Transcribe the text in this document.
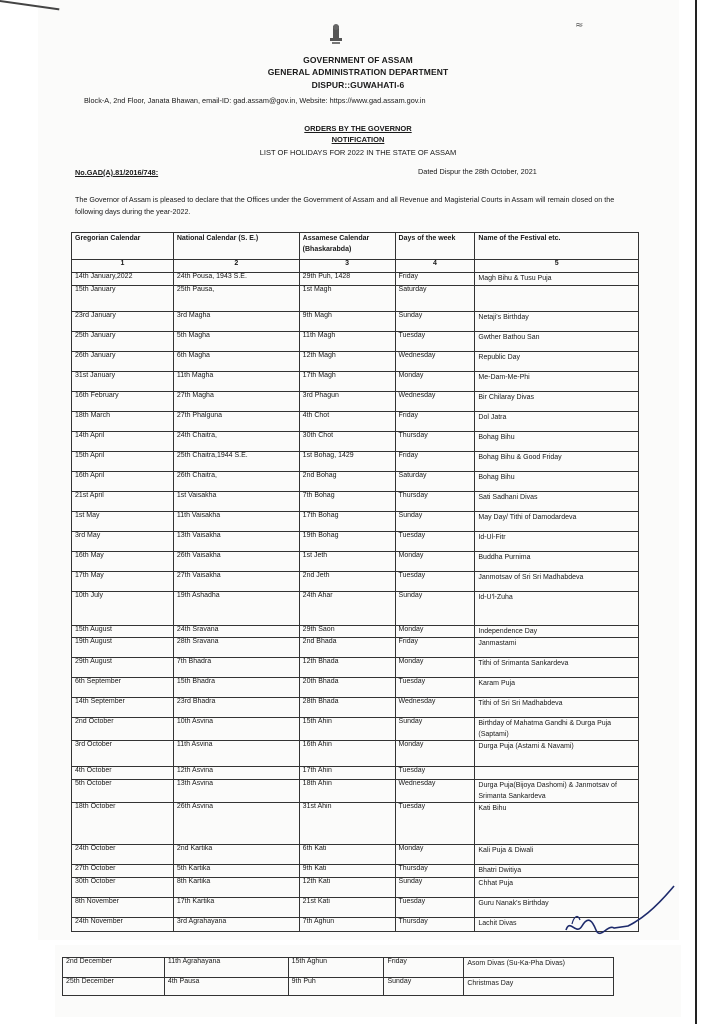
≈
GOVERNMENT OF ASSAM
GENERAL ADMINISTRATION DEPARTMENT
DISPUR::GUWAHATI-6
Block-A, 2nd Floor, Janata Bhawan, email-ID: gad.assam@gov.in, Website: https://www.gad.assam.gov.in
ORDERS BY THE GOVERNOR
NOTIFICATION
LIST OF HOLIDAYS FOR 2022 IN THE STATE OF ASSAM
No.GAD(A).81/2016/748:	Dated Dispur the 28th October, 2021
The Governor of Assam is pleased to declare that the Offices under the Government of Assam and all Revenue and Magisterial Courts in Assam will remain closed on the following days during the year-2022.
Gregorian Calendar	National Calendar (S. E.)	Assamese Calendar (Bhaskarabda)	Days of the week	Name of the Festival etc.
1	2	3	4	5
14th January,2022	24th Pousa, 1943 S.E.	29th Puh, 1428	Friday	Magh Bihu & Tusu Puja
15th January	25th Pausa,	1st Magh	Saturday	
23rd January	3rd Magha	9th Magh	Sunday	Netaji's Birthday
25th January	5th Magha	11th Magh	Tuesday	Gwther Bathou San
26th January	6th Magha	12th Magh	Wednesday	Republic Day
31st January	11th Magha	17th Magh	Monday	Me-Dam-Me-Phi
16th February	27th Magha	3rd Phagun	Wednesday	Bir Chilaray Divas
18th March	27th Phalguna	4th Chot	Friday	Dol Jatra
14th April	24th Chaitra,	30th Chot	Thursday	Bohag Bihu
15th April	25th Chaitra,1944 S.E.	1st Bohag, 1429	Friday	Bohag Bihu & Good Friday
16th April	26th Chaitra,	2nd Bohag	Saturday	Bohag Bihu
21st April	1st Vaisakha	7th Bohag	Thursday	Sati Sadhani Divas
1st May	11th Vaisakha	17th Bohag	Sunday	May Day/ Tithi of Damodardeva
3rd May	13th Vaisakha	19th Bohag	Tuesday	Id-Ul-Fitr
16th May	26th Vaisakha	1st Jeth	Monday	Buddha Purnima
17th May	27th Vaisakha	2nd Jeth	Tuesday	Janmotsav of Sri Sri Madhabdeva
10th July	19th Ashadha	24th Ahar	Sunday	Id-U'l-Zuha
15th August	24th Sravana	29th Saon	Monday	Independence Day
19th August	28th Sravana	2nd Bhada	Friday	Janmastami
29th August	7th Bhadra	12th Bhada	Monday	Tithi of Srimanta Sankardeva
6th September	15th Bhadra	20th Bhada	Tuesday	Karam Puja
14th September	23rd Bhadra	28th Bhada	Wednesday	Tithi of Sri Sri Madhabdeva
2nd October	10th Asvina	15th Ahin	Sunday	Birthday of Mahatma Gandhi & Durga Puja (Saptami)
3rd October	11th Asvina	16th Ahin	Monday	Durga Puja (Astami & Navami)
4th October	12th Asvina	17th Ahin	Tuesday	
5th October	13th Asvina	18th Ahin	Wednesday	Durga Puja(Bijoya Dashomi) & Janmotsav of Srimanta Sankardeva
18th October	26th Asvina	31st Ahin	Tuesday	Kati Bihu
24th October	2nd Kartika	6th Kati	Monday	Kali Puja & Diwali
27th October	5th Kartika	9th Kati	Thursday	Bhatri Dwitiya
30th October	8th Kartika	12th Kati	Sunday	Chhat Puja
8th November	17th Kartika	21st Kati	Tuesday	Guru Nanak's Birthday
24th November	3rd Agrahayana	7th Aghun	Thursday	Lachit Divas
2nd December	11th Agrahayana	15th Aghun	Friday	Asom Divas (Su-Ka-Pha Divas)
25th December	4th Pausa	9th Puh	Sunday	Christmas Day
